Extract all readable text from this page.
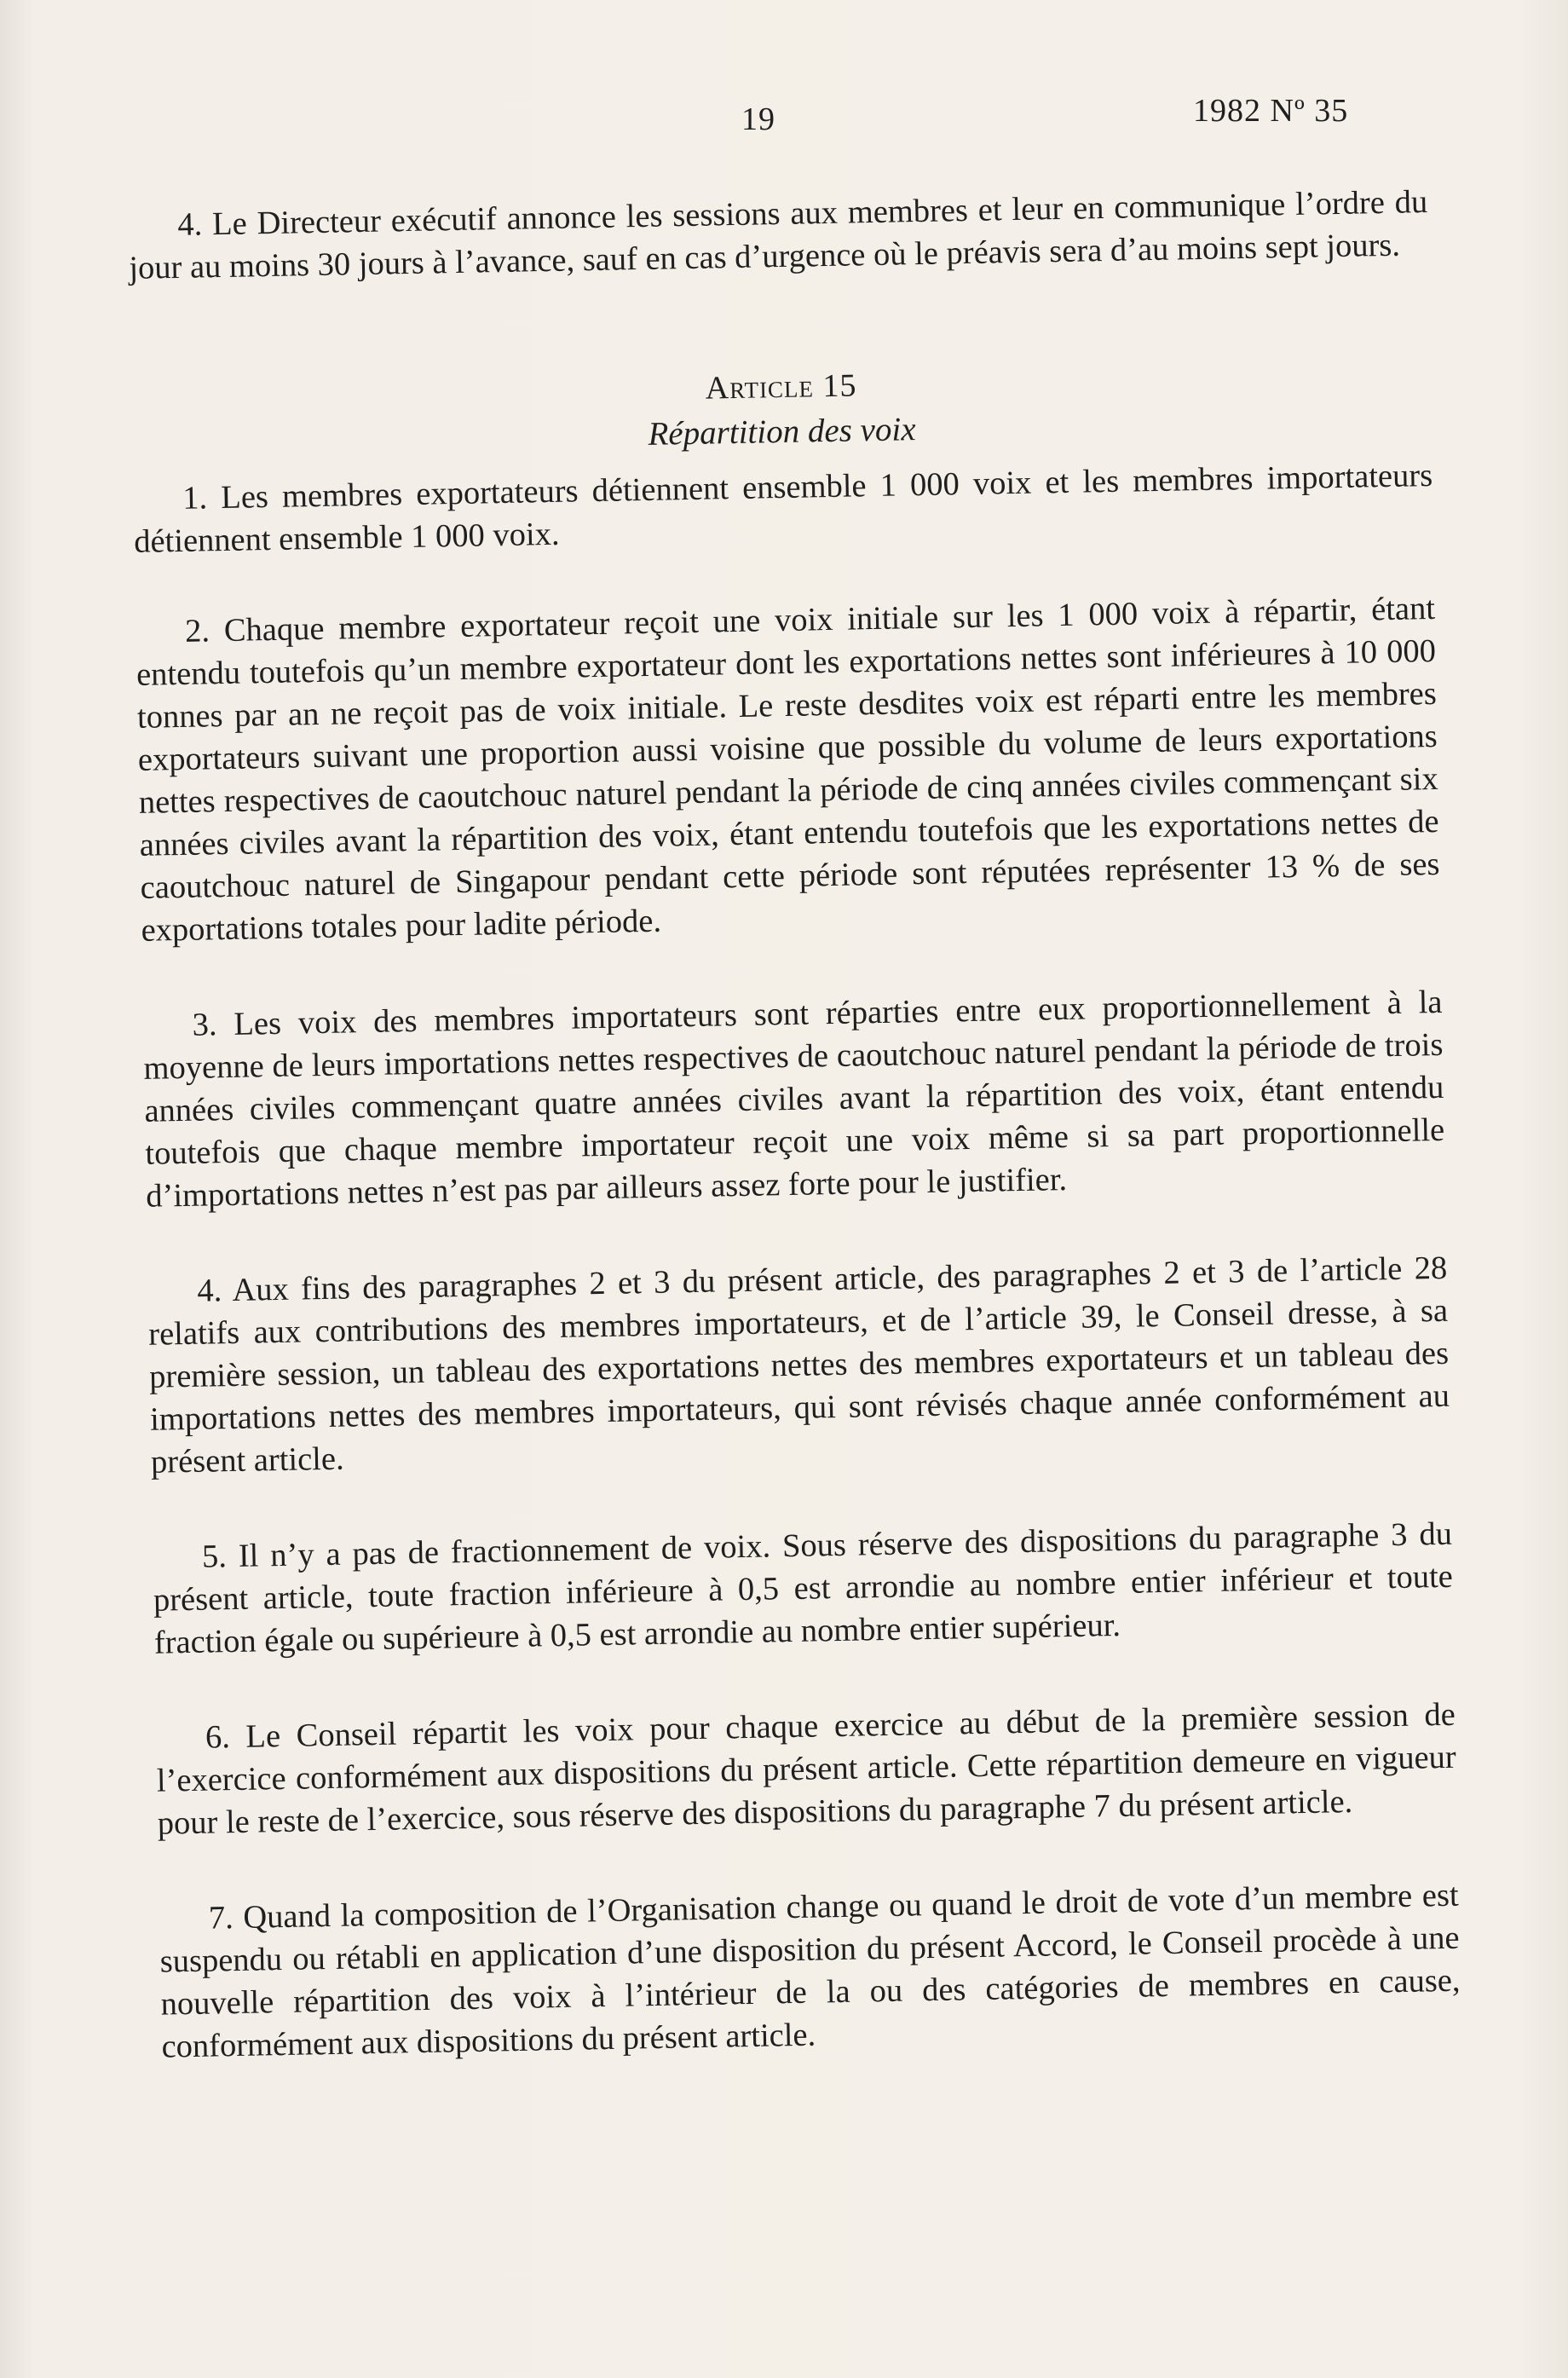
19	1982 Nº 35

4. Le Directeur exécutif annonce les sessions aux membres et leur en communique l’ordre du jour au moins 30 jours à l’avance, sauf en cas d’urgence où le préavis sera d’au moins sept jours.

Article 15
Répartition des voix

1. Les membres exportateurs détiennent ensemble 1 000 voix et les membres importateurs détiennent ensemble 1 000 voix.

2. Chaque membre exportateur reçoit une voix initiale sur les 1 000 voix à répartir, étant entendu toutefois qu’un membre exportateur dont les exportations nettes sont inférieures à 10 000 tonnes par an ne reçoit pas de voix initiale. Le reste desdites voix est réparti entre les membres exportateurs suivant une proportion aussi voisine que possible du volume de leurs exportations nettes respectives de caoutchouc naturel pendant la période de cinq années civiles commençant six années civiles avant la répartition des voix, étant entendu toutefois que les exportations nettes de caoutchouc naturel de Singapour pendant cette période sont réputées représenter 13 % de ses exportations totales pour ladite période.

3. Les voix des membres importateurs sont réparties entre eux proportionnellement à la moyenne de leurs importations nettes respectives de caoutchouc naturel pendant la période de trois années civiles commençant quatre années civiles avant la répartition des voix, étant entendu toutefois que chaque membre importateur reçoit une voix même si sa part proportionnelle d’importations nettes n’est pas par ailleurs assez forte pour le justifier.

4. Aux fins des paragraphes 2 et 3 du présent article, des paragraphes 2 et 3 de l’article 28 relatifs aux contributions des membres importateurs, et de l’article 39, le Conseil dresse, à sa première session, un tableau des exportations nettes des membres exportateurs et un tableau des importations nettes des membres importateurs, qui sont révisés chaque année conformément au présent article.

5. Il n’y a pas de fractionnement de voix. Sous réserve des dispositions du paragraphe 3 du présent article, toute fraction inférieure à 0,5 est arrondie au nombre entier inférieur et toute fraction égale ou supérieure à 0,5 est arrondie au nombre entier supérieur.

6. Le Conseil répartit les voix pour chaque exercice au début de la première session de l’exercice conformément aux dispositions du présent article. Cette répartition demeure en vigueur pour le reste de l’exercice, sous réserve des dispositions du paragraphe 7 du présent article.

7. Quand la composition de l’Organisation change ou quand le droit de vote d’un membre est suspendu ou rétabli en application d’une disposition du présent Accord, le Conseil procède à une nouvelle répartition des voix à l’intérieur de la ou des catégories de membres en cause, conformément aux dispositions du présent article.
